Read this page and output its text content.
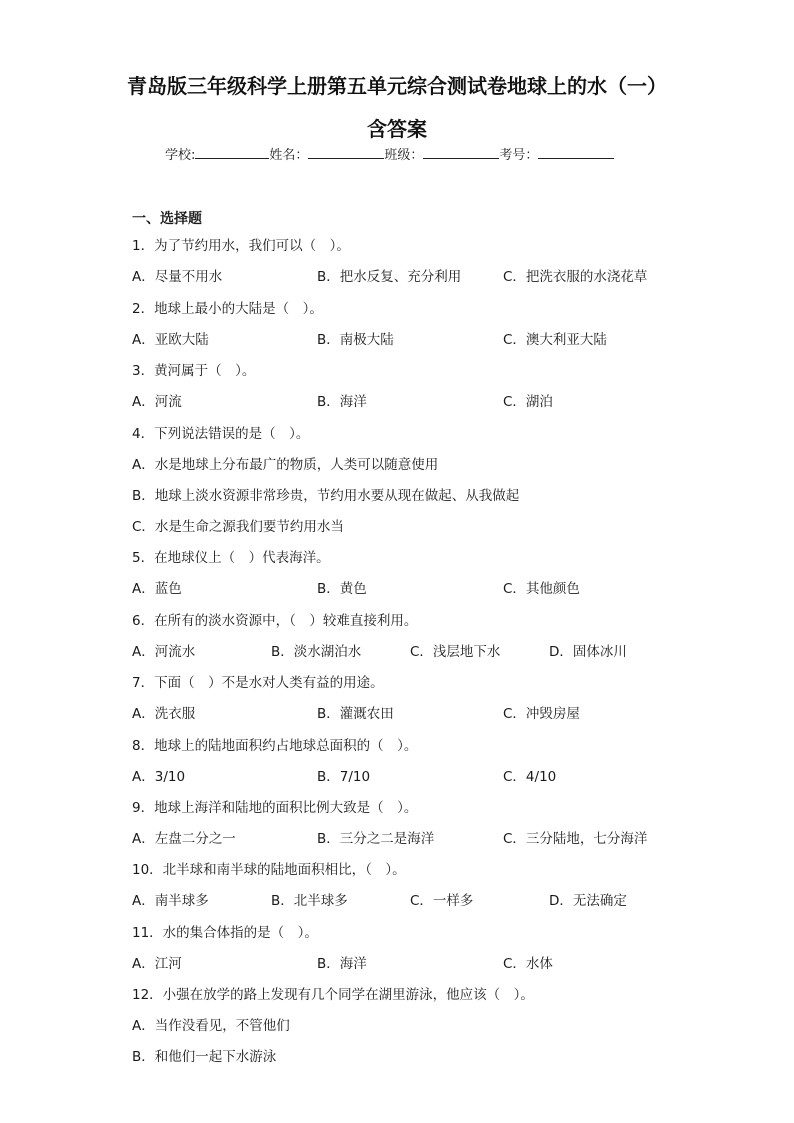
青岛版三年级科学上册第五单元综合测试卷地球上的水（一）
含答案
学校:	姓名：	班级：	考号：
一、选择题
1．为了节约用水，我们可以（　）。
A．尽量不用水	B．把水反复、充分利用	C．把洗衣服的水浇花草
2．地球上最小的大陆是（　）。
A．亚欧大陆	B．南极大陆	C．澳大利亚大陆
3．黄河属于（　）。
A．河流	B．海洋	C．湖泊
4．下列说法错误的是（　）。
A．水是地球上分布最广的物质，人类可以随意使用
B．地球上淡水资源非常珍贵，节约用水要从现在做起、从我做起
C．水是生命之源我们要节约用水当
5．在地球仪上（　）代表海洋。
A．蓝色	B．黄色	C．其他颜色
6．在所有的淡水资源中，（　）较难直接利用。
A．河流水	B．淡水湖泊水	C．浅层地下水	D．固体冰川
7．下面（　）不是水对人类有益的用途。
A．洗衣服	B．灌溉农田	C．冲毁房屋
8．地球上的陆地面积约占地球总面积的（　）。
A．3/10	B．7/10	C．4/10
9．地球上海洋和陆地的面积比例大致是（　）。
A．左盘二分之一	B．三分之二是海洋	C．三分陆地，七分海洋
10．北半球和南半球的陆地面积相比，（　）。
A．南半球多	B．北半球多	C．一样多	D．无法确定
11．水的集合体指的是（　）。
A．江河	B．海洋	C．水体
12．小强在放学的路上发现有几个同学在湖里游泳，他应该（　）。
A．当作没看见，不管他们
B．和他们一起下水游泳
